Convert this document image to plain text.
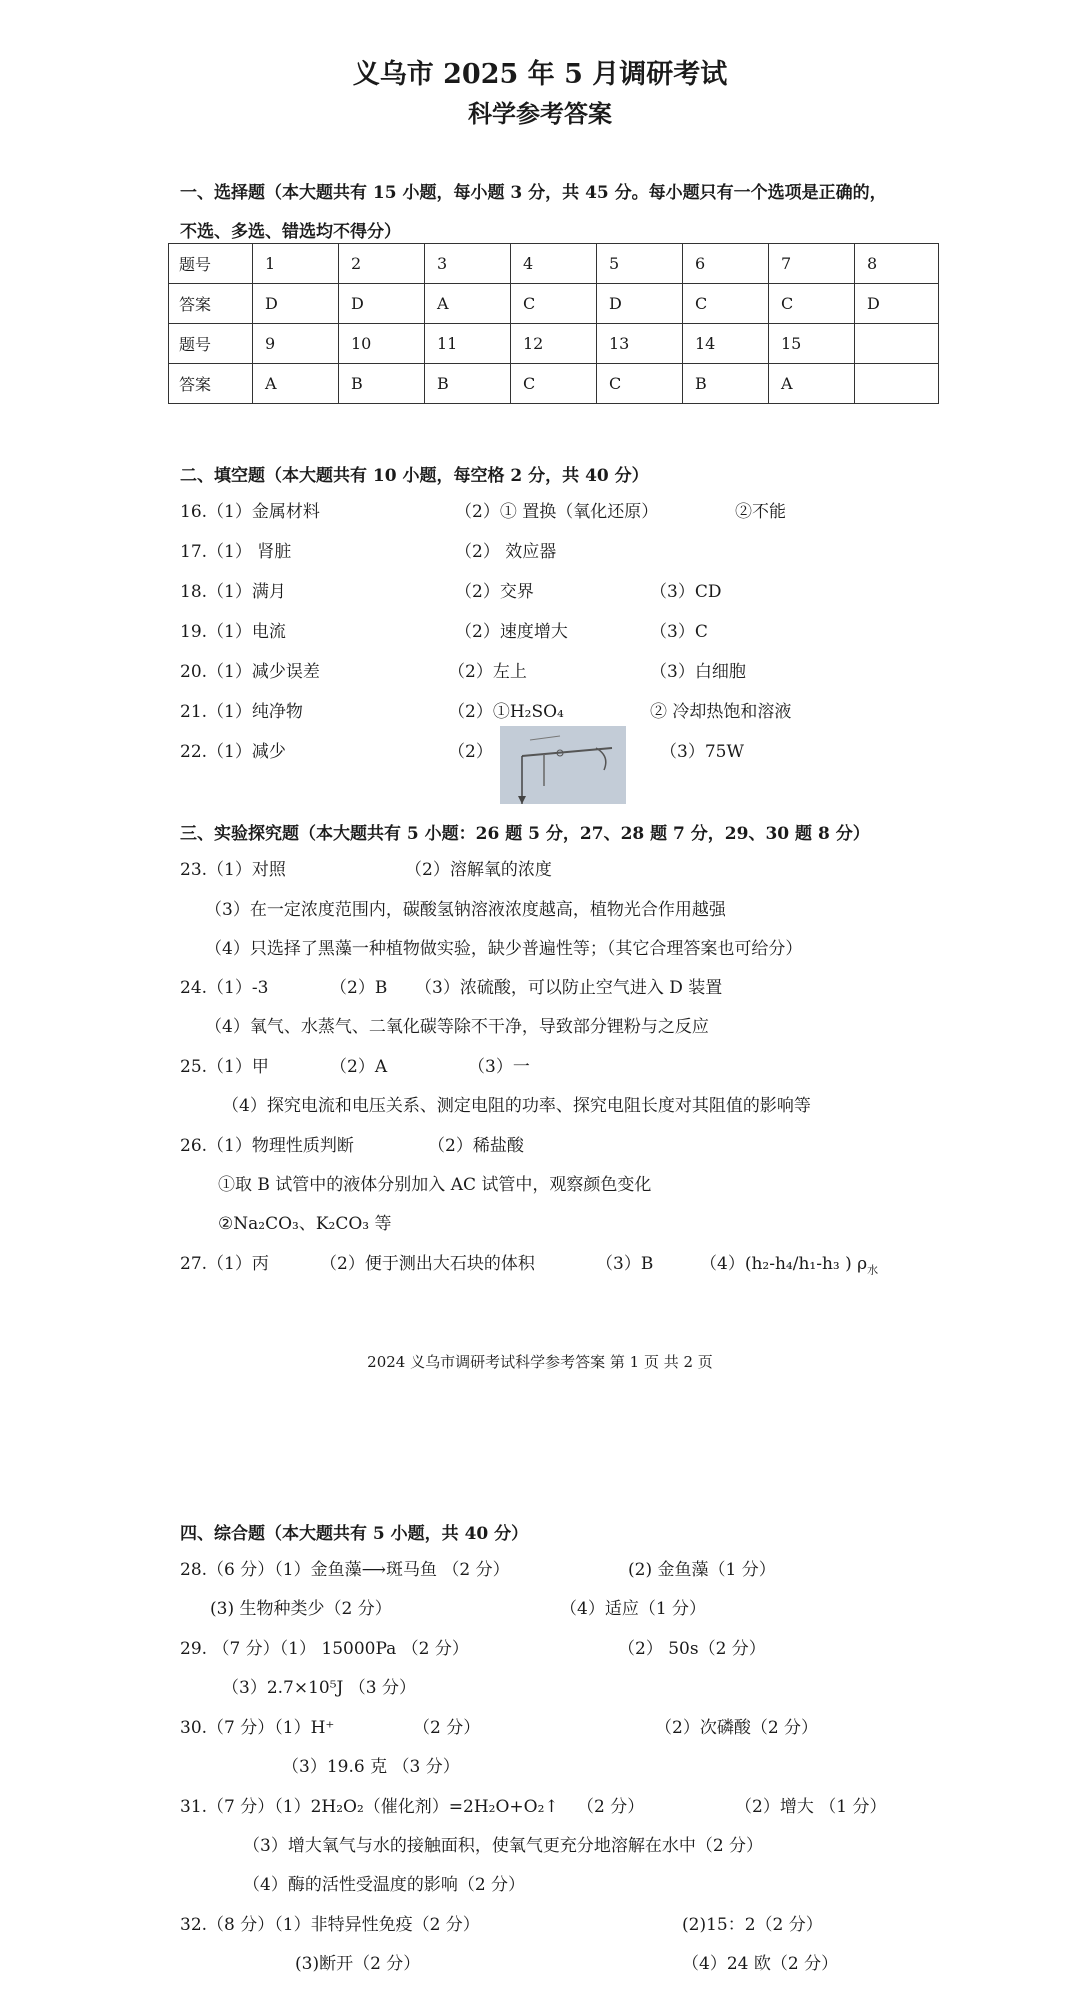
义乌市 2025 年 5 月调研考试
科学参考答案
一、选择题（本大题共有 15 小题，每小题 3 分，共 45 分。每小题只有一个选项是正确的，
不选、多选、错选均不得分）
题号	1	2	3	4	5	6	7	8
答案	D	D	A	C	D	C	C	D
题号	9	10	11	12	13	14	15	
答案	A	B	B	C	C	B	A	
二、填空题（本大题共有 10 小题，每空格 2 分，共 40 分）
16.（1）金属材料	（2）① 置换（氧化还原）	②不能
17.（1） 肾脏	（2） 效应器
18.（1）满月	（2）交界	（3）CD
19.（1）电流	（2）速度增大	（3）C
20.（1）减少误差	（2）左上	（3）白细胞
21.（1）纯净物	（2）①H₂SO₄	② 冷却热饱和溶液
22.（1）减少	（2）	（3）75W
三、实验探究题（本大题共有 5 小题：26 题 5 分，27、28 题 7 分，29、30 题 8 分）
23.（1）对照	（2）溶解氧的浓度
（3）在一定浓度范围内，碳酸氢钠溶液浓度越高，植物光合作用越强
（4）只选择了黑藻一种植物做实验，缺少普遍性等；（其它合理答案也可给分）
24.（1）-3	（2）B （3）浓硫酸，可以防止空气进入 D 装置
（4）氧气、水蒸气、二氧化碳等除不干净，导致部分锂粉与之反应
25.（1）甲	（2）A	（3）一
（4）探究电流和电压关系、测定电阻的功率、探究电阻长度对其阻值的影响等
26.（1）物理性质判断	（2）稀盐酸
①取 B 试管中的液体分别加入 AC 试管中，观察颜色变化
②Na₂CO₃、K₂CO₃ 等
27.（1）丙	（2）便于测出大石块的体积	（3）B	（4）(h₂-h₄/h₁-h₃ ) $\rho_水$
2024 义乌市调研考试科学参考答案 第 1 页 共 2 页
四、综合题（本大题共有 5 小题，共 40 分）
28.（6 分）（1）金鱼藻⟶斑马鱼 （2 分）	(2) 金鱼藻（1 分）
(3) 生物种类少（2 分）	（4）适应（1 分）
29. （7 分）（1） 15000Pa （2 分）	（2） 50s（2 分）
（3）2.7×10⁵J （3 分）
30.（7 分）（1）H⁺	（2 分）	（2）次磷酸（2 分）
（3）19.6 克 （3 分）
31.（7 分）（1）2H₂O₂（催化剂）=2H₂O+O₂↑ （2 分）	（2）增大 （1 分）
（3）增大氧气与水的接触面积，使氧气更充分地溶解在水中（2 分）
（4）酶的活性受温度的影响（2 分）
32.（8 分）（1）非特异性免疫（2 分）	(2)15：2（2 分）
(3)断开（2 分）	（4）24 欧（2 分）
